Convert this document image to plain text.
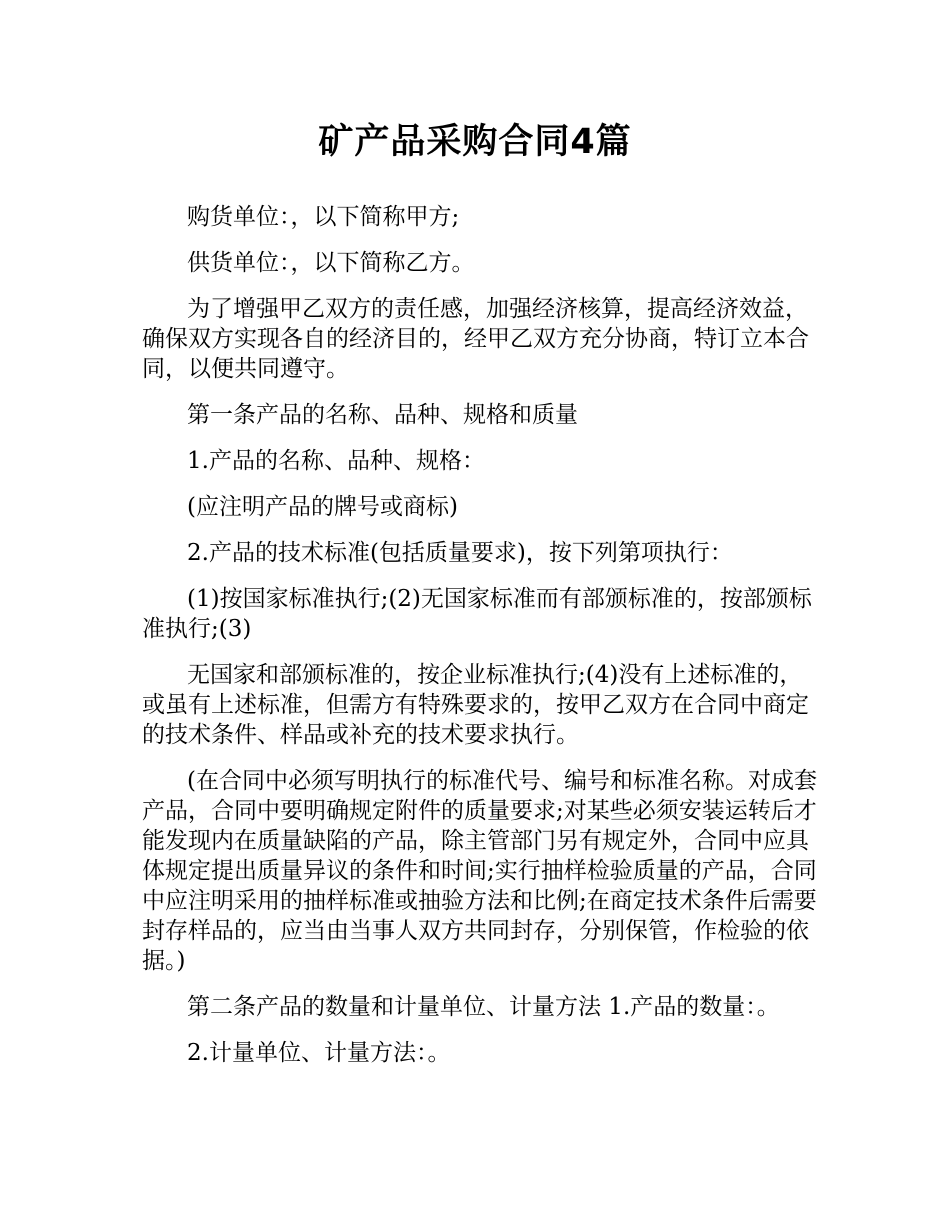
矿产品采购合同4篇

购货单位：，以下简称甲方;

供货单位：，以下简称乙方。

为了增强甲乙双方的责任感，加强经济核算，提高经济效益，确保双方实现各自的经济目的，经甲乙双方充分协商，特订立本合同，以便共同遵守。

第一条产品的名称、品种、规格和质量

1.产品的名称、品种、规格：

(应注明产品的牌号或商标)

2.产品的技术标准(包括质量要求)，按下列第项执行：

(1)按国家标准执行;(2)无国家标准而有部颁标准的，按部颁标准执行;(3)

无国家和部颁标准的，按企业标准执行;(4)没有上述标准的，或虽有上述标准，但需方有特殊要求的，按甲乙双方在合同中商定的技术条件、样品或补充的技术要求执行。

(在合同中必须写明执行的标准代号、编号和标准名称。对成套产品，合同中要明确规定附件的质量要求;对某些必须安装运转后才能发现内在质量缺陷的产品，除主管部门另有规定外，合同中应具体规定提出质量异议的条件和时间;实行抽样检验质量的产品，合同中应注明采用的抽样标准或抽验方法和比例;在商定技术条件后需要封存样品的，应当由当事人双方共同封存，分别保管，作检验的依据。)

第二条产品的数量和计量单位、计量方法 1.产品的数量：。

2.计量单位、计量方法：。
